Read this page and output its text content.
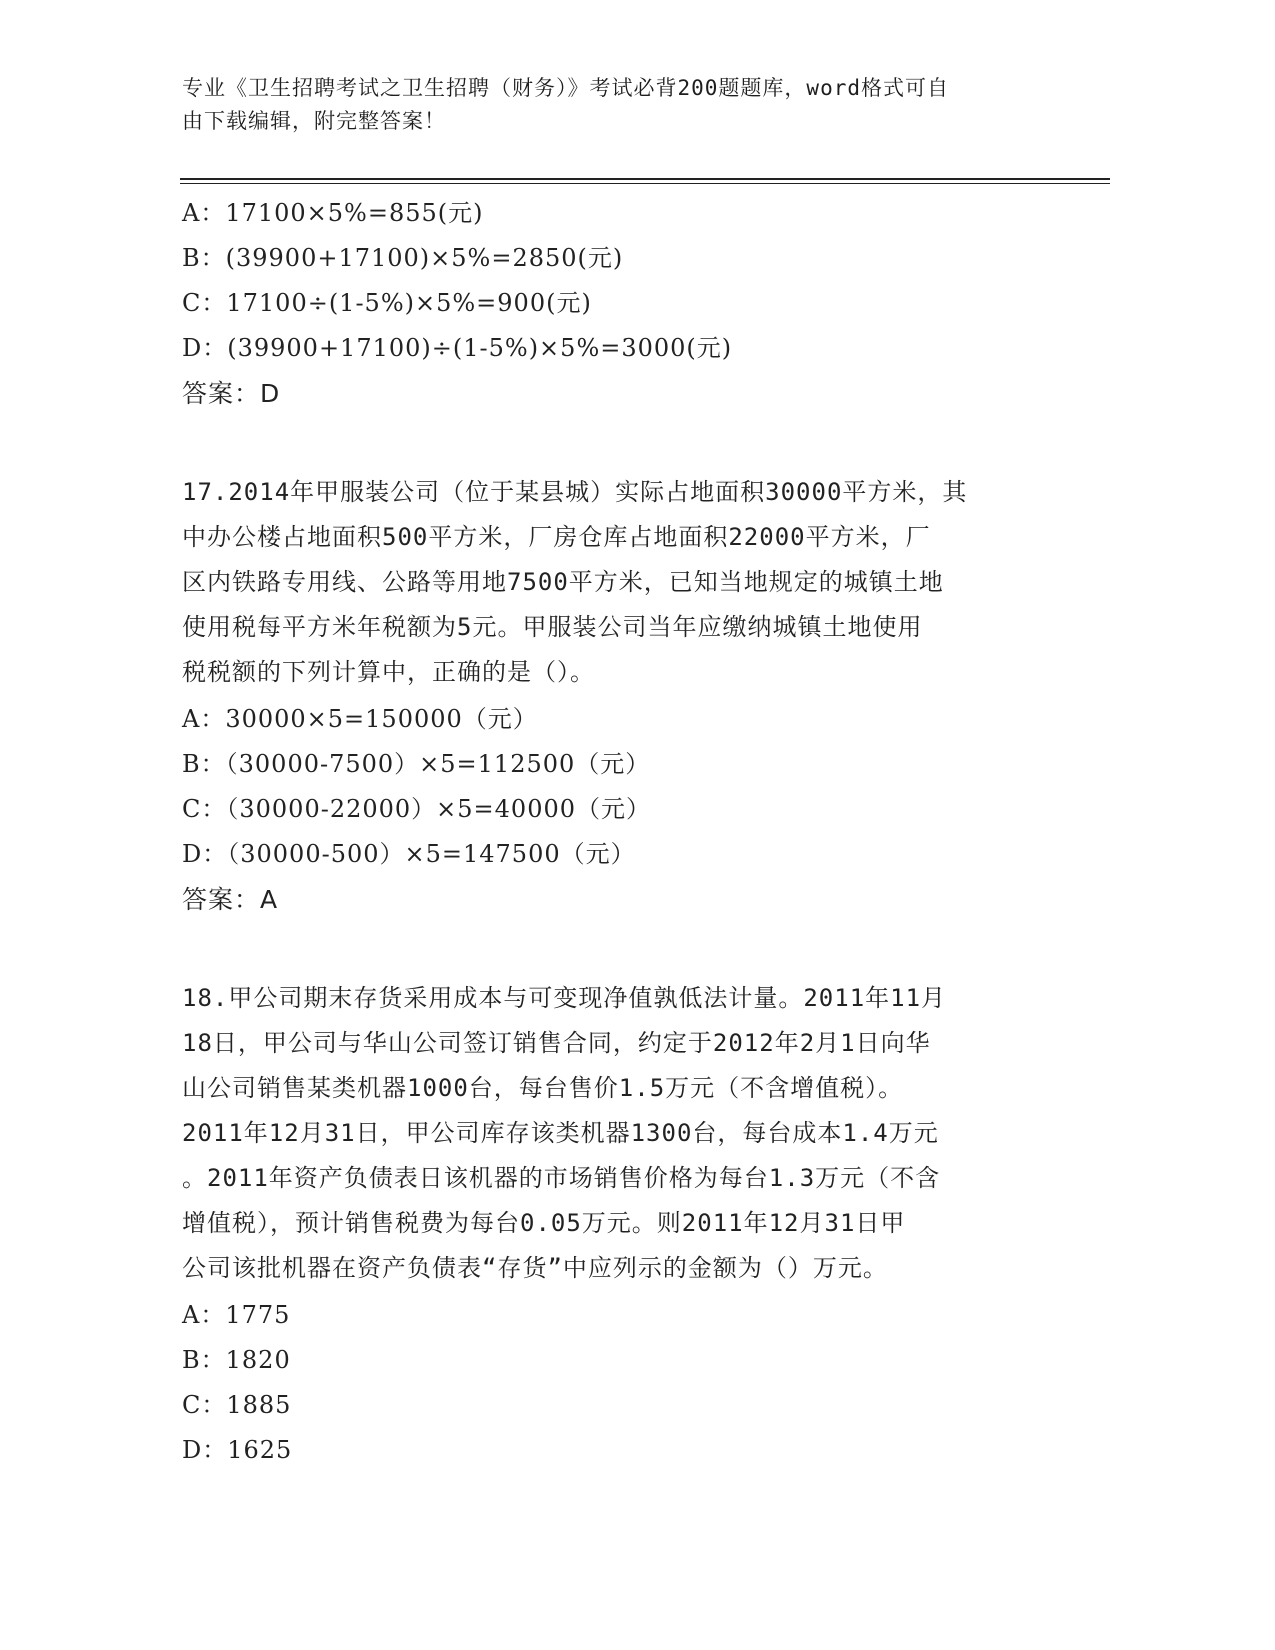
专业《卫生招聘考试之卫生招聘（财务）》考试必背200题题库，word格式可自
由下载编辑，附完整答案！
A：17100×5%=855(元)
B：(39900+17100)×5%=2850(元)
C：17100÷(1-5%)×5%=900(元)
D：(39900+17100)÷(1-5%)×5%=3000(元)
答案：D
17.2014年甲服装公司（位于某县城）实际占地面积30000平方米，其
中办公楼占地面积500平方米，厂房仓库占地面积22000平方米，厂
区内铁路专用线、公路等用地7500平方米，已知当地规定的城镇土地
使用税每平方米年税额为5元。甲服装公司当年应缴纳城镇土地使用
税税额的下列计算中，正确的是（）。
A：30000×5=150000（元）
B：（30000-7500）×5=112500（元）
C：（30000-22000）×5=40000（元）
D：（30000-500）×5=147500（元）
答案：A
18.甲公司期末存货采用成本与可变现净值孰低法计量。2011年11月
18日，甲公司与华山公司签订销售合同，约定于2012年2月1日向华
山公司销售某类机器1000台，每台售价1.5万元（不含增值税）。
2011年12月31日，甲公司库存该类机器1300台，每台成本1.4万元
。2011年资产负债表日该机器的市场销售价格为每台1.3万元（不含
增值税），预计销售税费为每台0.05万元。则2011年12月31日甲
公司该批机器在资产负债表“存货”中应列示的金额为（）万元。
A：1775
B：1820
C：1885
D：1625
